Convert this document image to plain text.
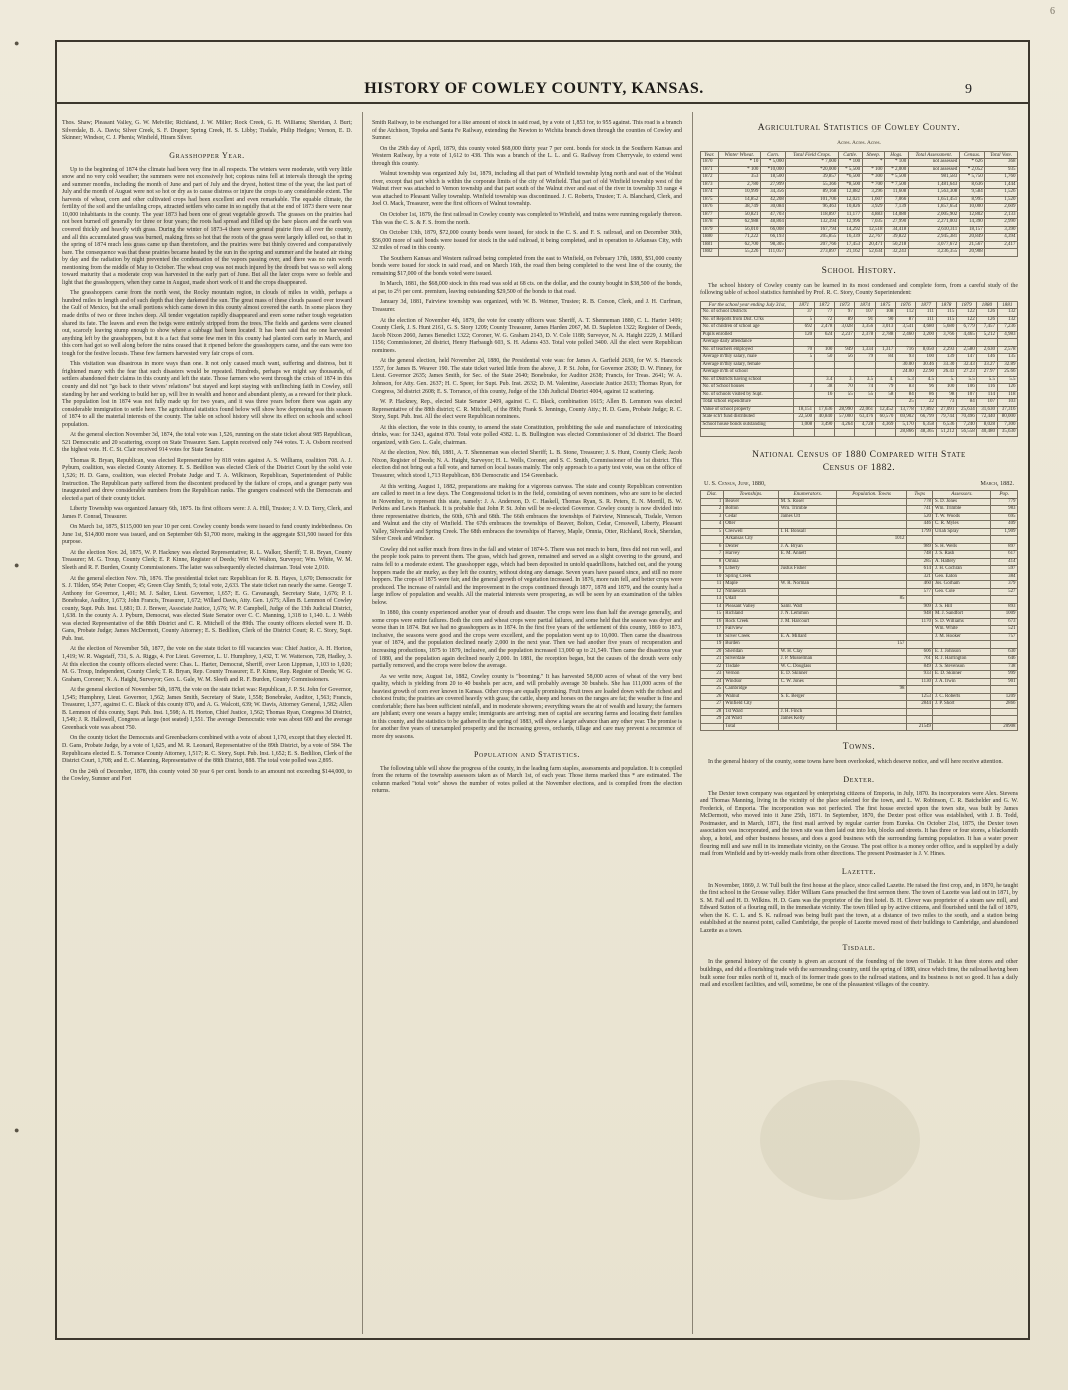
●
●
●
6
HISTORY OF COWLEY COUNTY, KANSAS.	9

Thos. Shaw; Pleasant Valley, G. W. Melville; Richland, J. W. Miller; Rock Creek, G. H. Williams; Sheridan, J. Burt; Silverdale, B. A. Davis; Silver Creek, S. F. Draper; Spring Creek, H. S. Libby; Tisdale, Philip Hedges; Vernon, E. D. Skinner; Windsor, C. J. Phenis; Winfield, Hiram Silver.

Grasshopper Year.

Up to the beginning of 1874 the climate had been very fine in all respects. The winters were moderate, with very little snow and no very cold weather; the summers were not excessively hot; copious rains fell at intervals through the spring and summer months, including the month of June and part of July and the dryest, hottest time of the year, the last part of July and the month of August were not so hot or dry as to cause distress or injure the crops to any considerable extent. The harvests of wheat, corn and other cultivated crops had been excellent and even remarkable. The equable climate, the fertility of the soil and the unfailing crops, attracted settlers who came in so rapidly that at the end of 1873 there were near 10,000 inhabitants in the county. The year 1873 had been one of great vegetable growth. The grasses on the prairies had not been burned off generally for three or four years; the roots had spread and filled up the bare places and the earth was covered thickly and heavily with grass. During the winter of 1873-4 there were general prairie fires all over the county, and all this accumulated grass was burned, making fires so hot that the roots of the grass were largely killed out, so that in the spring of 1874 much less grass came up than theretofore, and the prairies were but thinly covered and comparatively bare. The consequence was that these prairies became heated by the sun in the spring and summer and the heated air rising by day and the radiation by night prevented the condensation of the vapors passing over, and there was no rain worth mentioning from the middle of May to October. The wheat crop was not much injured by the drouth but was so well along toward maturity that a moderate crop was harvested in the early part of June. But all the later crops were so feeble and light that the grasshoppers, when they came in August, made short work of it and the crops disappeared.

The grasshoppers came from the north west, the Rocky mountain region, in clouds of miles in width, perhaps a hundred miles in length and of such depth that they darkened the sun. The great mass of these clouds passed over toward the Gulf of Mexico, but the small portions which came down in this county almost covered the earth. In some places they made drifts of two or three inches deep. All tender vegetation rapidly disappeared and even some rather tough vegetation shared its fate. The leaves and even the twigs were entirely stripped from the trees. The fields and gardens were cleaned out, scarcely leaving stump enough to show where a cabbage had been located. It has been said that no one harvested anything left by the grasshoppers, but it is a fact that some few men in this county had planted corn early in March, and this corn had got so well along before the rains ceased that it ripened before the grasshoppers came, and the ears were too tough for the festive locusts. These few farmers harvested very fair crops of corn.

This visitation was disastrous in more ways than one. It not only caused much want, suffering and distress, but it frightened many with the fear that such disasters would be repeated. Hundreds, perhaps we might say thousands, of settlers abandoned their claims in this county and left the state. Those farmers who went through the crisis of 1874 in this county and did not "go back to their wives' relations" but stayed and kept staying with unflinching faith in Cowley, still standing by her and working to build her up, will live in wealth and honor and abundant plenty, as a reward for their pluck. The population lost in 1874 was not fully made up for two years, and it was three years before there was again any considerable immigration to settle here. The agricultural statistics found below will show how depressing was this season of 1874 to all the material interests of the county. The table on school history will show its effect on schools and school population.

At the general election November 3d, 1874, the total vote was 1,526, running on the state ticket about 985 Republican, 521 Democratic and 20 scattering, except on State Treasurer. Sam. Lappin received only 744 votes. T. A. Osborn received the highest vote. H. C. St. Clair received 914 votes for State Senator.

Thomas R. Bryan, Republican, was elected Representative by 818 votes against A. S. Williams, coalition 708. A. J. Pyburn, coalition, was elected County Attorney. E. S. Bedilion was elected Clerk of the District Court by the solid vote 1,526; H. D. Gans, coalition, was elected Probate Judge and T. A. Wilkinson, Republican, Superintendent of Public Instruction. The Republican party suffered from the discontent produced by the failure of crops, and a granger party was inaugurated and drew considerable numbers from the Republican ranks. The grangers coalesced with the Democrats and elected a part of their county ticket.

Liberty Township was organized January 6th, 1875. Its first officers were: J. A. Hill, Trustee; J. V. D. Terry, Clerk, and James F. Conrad, Treasurer.

On March 1st, 1875, $115,000 ten year 10 per cent. Cowley county bonds were issued to fund county indebtedness. On June 1st, $14,800 more was issued, and on September 6th $1,700 more, making in the aggregate $31,500 issued for this purpose.

At the election Nov. 2d, 1875, W. P. Hackney was elected Representative; R. L. Walker, Sheriff; T. R. Bryan, County Treasurer; M. G. Troup, County Clerk; E. P. Kinne, Register of Deeds; Wirt W. Walton, Surveyor; Wm. White, W. M. Sleeth and R. F. Burden, County Commissioners. The latter was subsequently elected chairman. Total vote 2,010.

At the general election Nov. 7th, 1876. The presidential ticket ran: Republican for R. B. Hayes, 1,670; Democratic for S. J. Tilden, 954; Peter Cooper, 45; Green Clay Smith, 5; total vote, 2,633. The state ticket ran nearly the same. George T. Anthony for Governor, 1,401; M. J. Salter, Lieut. Governor, 1,657; E. G. Cavanaugh, Secretary State, 1,676; P. I. Bonebrake, Auditor, 1,673; John Francis, Treasurer, 1,672; Willard Davis, Atty. Gen. 1,675; Allen B. Lemmon of Cowley county, Supt. Pub. Inst. 1,681; D. J. Brewer, Associate Justice, 1,676; W. P. Campbell, Judge of the 13th Judicial District, 1,638. In the county A. J. Pyburn, Democrat, was elected State Senator over C. C. Manning, 1,318 to 1,140. L. J. Webb was elected Representative of the 88th District and C. R. Mitchell of the 89th. The county officers elected were H. D. Gans, Probate Judge; James McDermott, County Attorney; E. S. Bedilion, Clerk of the District Court; R. C. Story, Supt. Pub. Inst.

At the election of November 5th, 1877, the vote on the state ticket to fill vacancies was: Chief Justice, A. H. Horton, 1,419; W. R. Wagstaff, 731, S. A. Riggs, 4. For Lieut. Governor, L. U. Humphrey, 1,432, T. W. Watterson, 728, Hadley, 3. At this election the county officers elected were: Chas. L. Harter, Democrat, Sheriff, over Leon Lippman, 1,103 to 1,020; M. G. Troup, Independent, County Clerk; T. R. Bryan, Rep. County Treasurer; E. P. Kinne, Rep. Register of Deeds; W. G. Graham, Coroner; N. A. Haight, Surveyor; Geo. L. Gale, W. M. Sleeth and R. F. Burden, County Commissioners.

At the general election of November 5th, 1878, the vote on the state ticket was: Republican, J. P. St. John for Governor, 1,545; Humphrey, Lieut. Governor, 1,562; James Smith, Secretary of State, 1,558; Bonebrake, Auditor, 1,563; Francis, Treasurer, 1,377, against C. C. Black of this county 870, and A. G. Walcott, 639; W. Davis, Attorney General, 1,582; Allen B. Lemmon of this county, Supt. Pub. Inst. 1,598; A. H. Horton, Chief Justice, 1,562; Thomas Ryan, Congress 3d District, 1,549; J. R. Hallowell, Congress at large (not seated) 1,551. The average Democratic vote was about 600 and the average Greenback vote was about 750.

On the county ticket the Democrats and Greenbackers combined with a vote of about 1,170, except that they elected H. D. Gans, Probate Judge, by a vote of 1,625, and M. R. Leonard, Representative of the 89th District, by a vote of 584. The Republicans elected E. S. Torrance County Attorney, 1,517; R. C. Story, Supt. Pub. Inst. 1,652; E. S. Bedilion, Clerk of the District Court, 1,708; and E. C. Manning, Representative of the 88th District, 888. The total vote polled was 2,895.

On the 24th of December, 1878, this county voted 30 year 6 per cent. bonds to an amount not exceeding $144,000, to the Cowley, Sumner and Fort

Smith Railway, to be exchanged for a like amount of stock in said road, by a vote of 1,853 for, to 955 against. This road is a branch of the Atchison, Topeka and Santa Fe Railway, extending the Newton to Wichita branch down through the counties of Cowley and Sumner.

On the 29th day of April, 1879, this county voted $68,000 thirty year 7 per cent. bonds for stock in the Southern Kansas and Western Railway, by a vote of 1,612 to 438. This was a branch of the L. L. and G. Railway from Cherryvale, to extend west through this county.

Walnut township was organized July 1st, 1879, including all that part of Winfield township lying north and east of the Walnut river, except that part which is within the corporate limits of the city of Winfield. That part of old Winfield township west of the Walnut river was attached to Vernon township and that part south of the Walnut river and east of the river in township 33 range 4 was attached to Pleasant Valley township. Winfield township was discontinued. J. C. Roberts, Trustee; T. A. Blanchard, Clerk, and Joel O. Mack, Treasurer, were the first officers of Walnut township.

On October 1st, 1879, the first railroad in Cowley county was completed to Winfield, and trains were running regularly thereon. This was the C. S. & F. S. from the north.

On October 13th, 1879, $72,000 county bonds were issued, for stock in the C. S. and F. S. railroad, and on December 30th, $56,000 more of said bonds were issued for stock in the said railroad, it being completed, and in operation to Arkansas City, with 32 miles of road in this county.

The Southern Kansas and Western railroad being completed from the east to Winfield, on February 17th, 1880, $51,000 county bonds were issued for stock in said road, and on March 16th, the road then being completed to the west line of the county, the remaining $17,000 of the bonds voted were issued.

In March, 1881, the $68,000 stock in this road was sold at 68 cts. on the dollar, and the county bought in $38,500 of the bonds, at par, to 2½ per cent. premium, leaving outstanding $29,500 of the bonds to that road.

January 3d, 1881, Fairview township was organized, with W. B. Weimer, Trustee; R. B. Corson, Clerk, and J. H. Curfman, Treasurer.

At the election of November 4th, 1879, the vote for county officers was: Sheriff, A. T. Shenneman 1880, C. L. Harter 1499; County Clerk, J. S. Hunt 2161, G. S. Story 1209; County Treasurer, James Harden 2067, M. D. Stapleton 1322; Register of Deeds, Jacob Nixon 2060, James Benedict 1322; Coroner, W. G. Graham 2143, D. V. Cole 1188; Surveyor, N. A. Haight 2229, J. Millard 1156; Commissioner, 2d district, Henry Harbaugh 603, S. H. Adams 433. Total vote polled 3400. All the elect were Republican nominees.

At the general election, held November 2d, 1880, the Presidential vote was: for James A. Garfield 2630, for W. S. Hancock 1557, for James B. Weaver 190. The state ticket varied little from the above, J. P. St. John, for Governor 2630; D. W. Finney, for Lieut. Governor 2635; James Smith, for Sec. of the State 2640; Bonebrake, for Auditor 2638; Francis, for Treas. 2641; W. A. Johnson, for Atty. Gen. 2637; H. C. Speer, for Supt. Pub. Inst. 2632; D. M. Valentine, Associate Justice 2633; Thomas Ryan, for Congress, 3d district 2608; E. S. Torrance, of this county, Judge of the 13th Judicial District 4004, against 12 scattering.

W. P. Hackney, Rep., elected State Senator 2409, against C. C. Black, combination 1615; Allen B. Lemmon was elected Representative of the 88th district; C. R. Mitchell, of the 89th; Frank S. Jennings, County Atty.; H. D. Gans, Probate Judge; R. C. Story, Supt. Pub. Inst. All the elect were Republican nominees.

At this election, the vote in this county, to amend the state Constitution, prohibiting the sale and manufacture of intoxicating drinks, was: for 3243, against 870. Total vote polled 4382. L. B. Bullington was elected Commissioner of 3d district. The Board organized, with Geo. L. Gale, chairman.

At the election, Nov. 8th, 1881, A. T. Shenneman was elected Sheriff; L. B. Stone, Treasurer; J. S. Hunt, County Clerk; Jacob Nixon, Register of Deeds; N. A. Haight, Surveyor; H. L. Wells, Coroner, and S. C. Smith, Commissioner of the 1st district. This election did not bring out a full vote, and turned on local issues mainly. The only approach to a party test vote, was on the office of Treasurer, which stood 1,713 Republican, 836 Democratic and 154 Greenback.

At this writing, August 1, 1882, preparations are making for a vigorous canvass. The state and county Republican convention are called to meet in a few days. The Congressional ticket is in the field, consisting of seven nominees, who are sure to be elected in November, to represent this state, namely: J. A. Anderson, D. C. Haskell, Thomas Ryan, S. R. Peters, E. N. Morrill, B. W. Perkins and Lewis Hanback. It is probable that John P. St. John will be re-elected Governor. Cowley county is now divided into three representative districts, the 60th, 67th and 68th. The 66th embraces the townships of Fairview, Ninnescah, Tisdale, Vernon and Walnut and the city of Winfield. The 67th embraces the townships of Beaver, Bolton, Cedar, Cresswell, Liberty, Pleasant Valley, Silverdale and Spring Creek. The 68th embraces the townships of Harvey, Maple, Omnia, Otter, Richland, Rock, Sheridan, Silver Creek and Windsor.

Cowley did not suffer much from fires in the fall and winter of 1874-5. There was not much to burn, fires did not run well, and the people took pains to prevent them. The grass, which had grown, remained and served as a slight covering to the ground, and rains fell to a moderate extent. The grasshopper eggs, which had been deposited in untold quadrillions, hatched out, and the young hoppers made the air murky, as they left the country, without doing any damage. Seven years have passed since, and still no more hoppers. The crops of 1875 were fair, and the general growth of vegetation increased. In 1876, more rain fell, and better crops were produced. The increase of rainfall and the improvement in the crops continued through 1877, 1878 and 1879, and the county had a large inflow of population and wealth. All the material interests were prospering, as will be seen by an examination of the tables below.

In 1880, this county experienced another year of drouth and disaster. The crops were less than half the average generally, and some crops were entire failures. Both the corn and wheat crops were partial failures, and some held that the season was dryer and worse than in 1874. But we had no grasshoppers as in 1874. In the first five years of the settlement of this county, 1869 to 1873, inclusive, the seasons were good and the crops were excellent, and the population went up to 10,000. Then came the disastrous year of 1874, and the population declined nearly 2,000 in the next year. Then we had another five years of recuperation and increasing productions, 1875 to 1879, inclusive, and the population increased 13,000 up to 21,549. Then came the disastrous year of 1880, and the population again declined nearly 2,000. In 1881, the reception began, but the causes of the drouth were only partially removed, and the crops were below the average.

As we write now, August 1st, 1882, Cowley county is "booming." It has harvested 58,000 acres of wheat of the very best quality, which is yielding from 20 to 40 bushels per acre, and will probably average 30 bushels. She has 111,000 acres of the heaviest growth of corn ever known in Kansas. Other crops are equally promising. Fruit trees are loaded down with the richest and choicest fruits; the prairies are covered heavily with grass; the cattle, sheep and horses on the ranges are fat; the weather is fine and comfortable; there has been sufficient rainfall, and in moderate showers; everything wears the air of wealth and luxury; the farmers are jubilant; every one wears a happy smile; immigrants are arriving; men of capital are securing farms and locating their families in this county, and the statistics to be gathered in the spring of 1883, will show a larger advance than any other year. The promise is for another five years of unexampled prosperity and the increasing groves, orchards, tillage and care may prevent a recurrence of more dry seasons.

Population and Statistics.

The following table will show the progress of the county, in the leading farm staples, assessments and population. It is compiled from the returns of the township assessors taken as of March 1st, of each year. Those items marked thus * are estimated. The column marked "total vote" shows the number of votes polled at the November elections, and is compiled from the election returns.

Agricultural Statistics of Cowley County.
Acres. Acres. Acres.
Year.	Winter Wheat.	Corn.	Total Field Crops.	Cattle.	Sheep.	Hogs.	Total Assessment.	Census.	Total Vote.
1870	* 10	* 5,000	* 7,000	* 100	*	* 100	not assessed	* 626	368
1871	* 100	*10,000	*20,000	* 5,500	* 100	* 2,000	not assessed	* 2,052	935
1872	353	18,500	39,857	*6,500	* 300	* 5,500	981,583	* 5,750	1,760
1873	2,780	27,999	55,366	*8,500	* 700	* 7,500	1,481,643	8,636	1,444
1874	10,999	34,356	89,168	12,882	3,296	11,608	1,563,308	9,584	1,526
1875	14,852	42,208	101,706	12,021	1,607	7,066	1,651,451	8,995	1,520
1876	38,749	30,084	96,463	10,826	3,929	7,139	1,857,654	10,000	2,609
1877	50,821	47,703	118,897	11,177	4,883	14,080	2,005,902	12,802	2,133
1878	62,988	48,804	132,394	12,996	7,035	27,990	2,271,003	14,390	2,990
1879	56,010	66,008	167,794	14,292	12,518	34,418	2,610,311	18,157	3,390
1880	71,222	66,193	205,855	16,339	22,767	39,822	2,945,381	20,849	4,394
1881	62,700	98,305	207,766	17,453	20,471	50,218	3,077,672	21,567	2,417
1882	55,226	111,057	273,897	21,162	52,634	32,243	3,236,355	20,908	
School History.

The school history of Cowley county can be learned in its most condensed and complete form, from a careful study of the following table of school statistics furnished by Prof. R. C. Story, County Superintendent:

For the school year ending July 31st,	1871	1872	1873	1874	1875	1876	1877	1878	1879	1880	1881
No. of school Districts	37	77	97	107	108	112	111	115	122	126	132
No. of Reports from Dist. Cl'ks	5	72	89	91	90	87	111	115	122	126	132
No. of children of school age	692	2,478	3,028	3,356	3,013	3,541	4,680	5,680	6,779	7,457	7,236
Pupils enrolled	120	624	2,237	2,378	2,788	2,460	3,200	3,766	4,465	5,212	4,983
Average daily attendance											
No. of teachers employed	70	100	949	1,334	1,317	716	8,050	2,293	2,580	2,630	2,578
Average m'thly salary, male	5	50	56	79	84	93	100	139	147	146	135
Average m'thly salary, female						30.00	30.46	33.30	32.43	33.27	32.89
Average m'th of school						24.00	22.90	26.43	27.23	27.97	25.66
No. of Districts having school		3.4	3.	3.5	4.	5.3	4.5	5.	5.5	5.5	5.5
No. of School houses	3	38	70	74	79	83	96	100	106	116	126
No. of schools visited by Supt.		16	55	55	58	84	86	98	107	114	118
Total school expenditure						25	22	73	84	107	103
Value of school property	18,151	17,636	28,990	22,061	12,452	13,778	17,892	27,091	25,634	31,630	37,316
State sch'l fund distributed	22,500	40,840	57,000	63,476	60,570	69,902	66,799	79,744	70,496	72,440	80,000
School house bonds outstanding	1,008	3,490	4,264	4,728	4,369	5,170	6,358	6,536	7,240	8,028	7,300
						28,866	48,365	51,212	56,558	40,480	35,630
National Census of 1880 Compared with State
Census of 1882.
U. S. Census, June, 1880,	March, 1882.
Dist.	Townships.	Enumerators.	Population. Towns	Twps	Assessors.	Pop.
1	Beaver	M. S. Rosel		778	S. D. Jones	779
2	Bolton	Wm. Trimble		741	Wm. Trimble	983
3	Cedar	James Utt		520	T. W. Woods	695
4	Otter			446	C. R. Myles	409
5	Creswell	I. H. Bonsall		1799	Uriah Spray	1,909
	Arkansas City		1012			
6	Dexter	J. A. Bryan		989	S. H. Wells	897
7	Harvey	E. M. Annett		748	J. S. Rash	617
8	Omnia			285	A. Hattery	414
9	Liberty	Justus Fisher		614	J. H. Cochran	597
10	Spring Creek			321	Geo. Eaton	384
11	Maple	W. R. Norman		460	Jos. Gorham	379
12	Ninnescah			577	Geo. Cole	527
13	Udall		85			
14	Pleasant Valley	Saml. Watt		909	J. S. Hill	893
15	Richland	J. N. Lemmon		948	M. J. Sandfort	1009
16	Rock Creek	J. M. Harcourt		1170	S. D. Williams	673
17	Fairview				Wm. White	521
18	Silver Creek	E. A. Millard			J. M. Hooker	757
19	Burden		157			
20	Sheridan	W. H. Clay		606	E. J. Johnson	630
21	Silverdale	J. P. Musselman		761	R. J. Harrington	646
22	Tisdale	W. C. Douglass		849	J. S. Stevenson	738
23	Vernon	E. D. Skinner		933	E. D. Skinner	999
24	Windsor	C. W. Jones		1130	J. A. Irwin	901
25	Cambridge		98			
26	Walnut	S. E. Berger		1253	J. C. Roberts	1209
27	Winfield City			2844	J. P. Short	2866
28	1st Ward	J. H. Finch				
29	2d Ward	James Kelly				
	Total			21549		20908
Towns.

In the general history of the county, some towns have been overlooked, which deserve notice, and will here receive attention.

Dexter.

The Dexter town company was organized by enterprising citizens of Emporia, in July, 1870. Its incorporators were Alex. Stevens and Thomas Manning, living in the vicinity of the place selected for the town, and L. W. Robinson, C. R. Batchelder and G. W. Frederick, of Emporia. The incorporation was not perfected. The first house erected upon the town site, was built by James McDermott, who moved into it June 25th, 1871. In September, 1870, the Dexter post office was established, with J. B. Todd, Postmaster, and in March, 1871, the first mail arrived by regular carrier from Eureka. On October 21st, 1875, the Dexter town association was incorporated, and the town site was then laid out into lots, blocks and streets. It has three or four stores, a blacksmith shop, a hotel, and other business houses, and does a good business with the surrounding farming population. It has a water power flouring mill and saw mill in its immediate vicinity, on the Grouse. The post office is a money order office, and is supplied by a daily mail from Winfield and by tri-weekly mails from other directions. The present Postmaster is J. V. Hines.

Lazette.

In November, 1869, J. W. Tull built the first house at the place, since called Lazette. He raised the first crop, and, in 1870, he taught the first school in the Grouse valley. Elder William Gans preached the first sermon there. The town of Lazette was laid out in 1871, by S. M. Fall and H. D. Wilkins. H. D. Gans was the proprietor of the first hotel. B. H. Clover was proprietor of a steam saw mill, and Edward Sutton of a flouring mill, in the immediate vicinity. The town filled up by active citizens, and flourished until the fall of 1879, when the K. C. L. and S. K. railroad was being built past the town, at a distance of two miles to the south, and a station being established at the nearest point, called Cambridge, the people of Lazette moved most of their buildings to Cambridge, and abandoned Lazette as a town.

Tisdale.

In the general history of the county is given an account of the founding of the town of Tisdale. It has three stores and other buildings, and did a flourishing trade with the surrounding country, until the spring of 1880, since which time, the railroad having been built some four miles north of it, much of its former trade goes to the railroad stations, and its business is not so good. It has a daily mail and excellent facilities, and will, sometime, be one of the pleasantest villages of the country.
